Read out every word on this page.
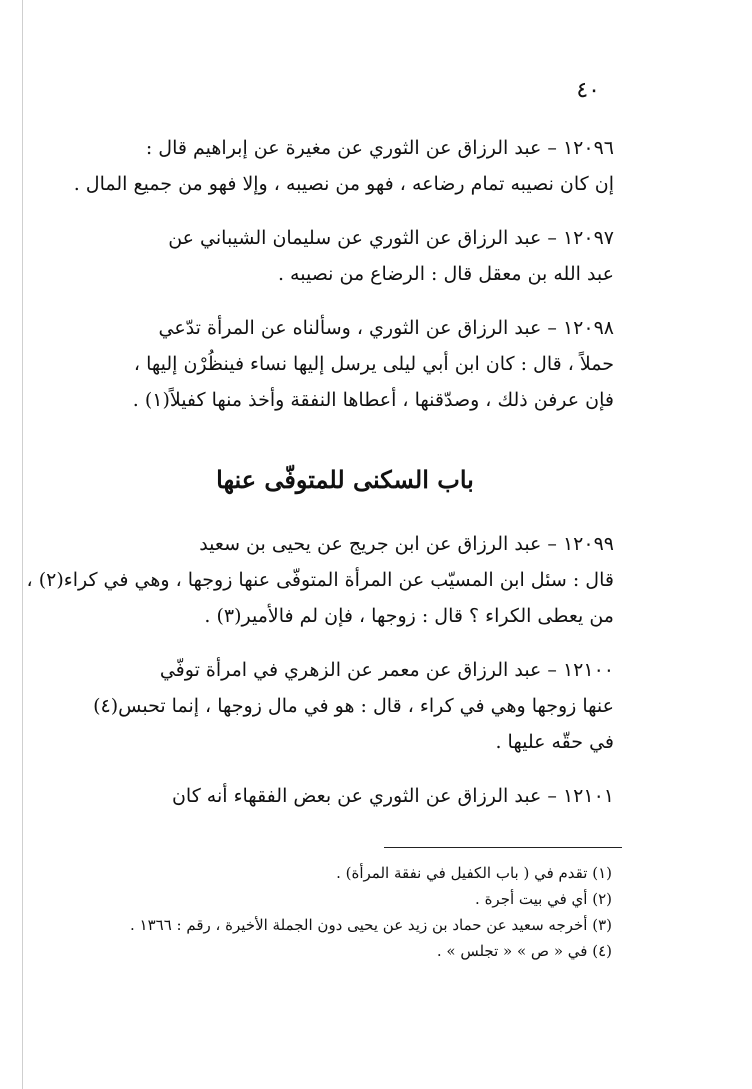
٤٠

١٢٠٩٦ – عبد الرزاق عن الثوري عن مغيرة عن إبراهيم قال :
إن كان نصيبه تمام رضاعه ، فهو من نصيبه ، وإلا فهو من جميع المال .

١٢٠٩٧ – عبد الرزاق عن الثوري عن سليمان الشيباني عن
عبد الله بن معقل قال : الرضاع من نصيبه .

١٢٠٩٨ – عبد الرزاق عن الثوري ، وسألناه عن المرأة تدّعي
حملاً ، قال : كان ابن أبي ليلى يرسل إليها نساء فينظُرْن إليها ،
فإن عرفن ذلك ، وصدّقنها ، أعطاها النفقة وأخذ منها كفيلاً(١) .

باب السكنى للمتوفّى عنها

١٢٠٩٩ – عبد الرزاق عن ابن جريج عن يحيى بن سعيد
قال : سئل ابن المسيّب عن المرأة المتوفّى عنها زوجها ، وهي في كراء(٢) ،
من يعطى الكراء ؟ قال : زوجها ، فإن لم فالأمير(٣) .

١٢١٠٠ – عبد الرزاق عن معمر عن الزهري في امرأة توفّي
عنها زوجها وهي في كراء ، قال : هو في مال زوجها ، إنما تحبس(٤)
في حقّه عليها .

١٢١٠١ – عبد الرزاق عن الثوري عن بعض الفقهاء أنه كان

(١) تقدم في ( باب الكفيل في نفقة المرأة) .
(٢) أي في بيت أجرة .
(٣) أخرجه سعيد عن حماد بن زيد عن يحيى دون الجملة الأخيرة ، رقم : ١٣٦٦ .
(٤) في « ص » « تجلس » .
